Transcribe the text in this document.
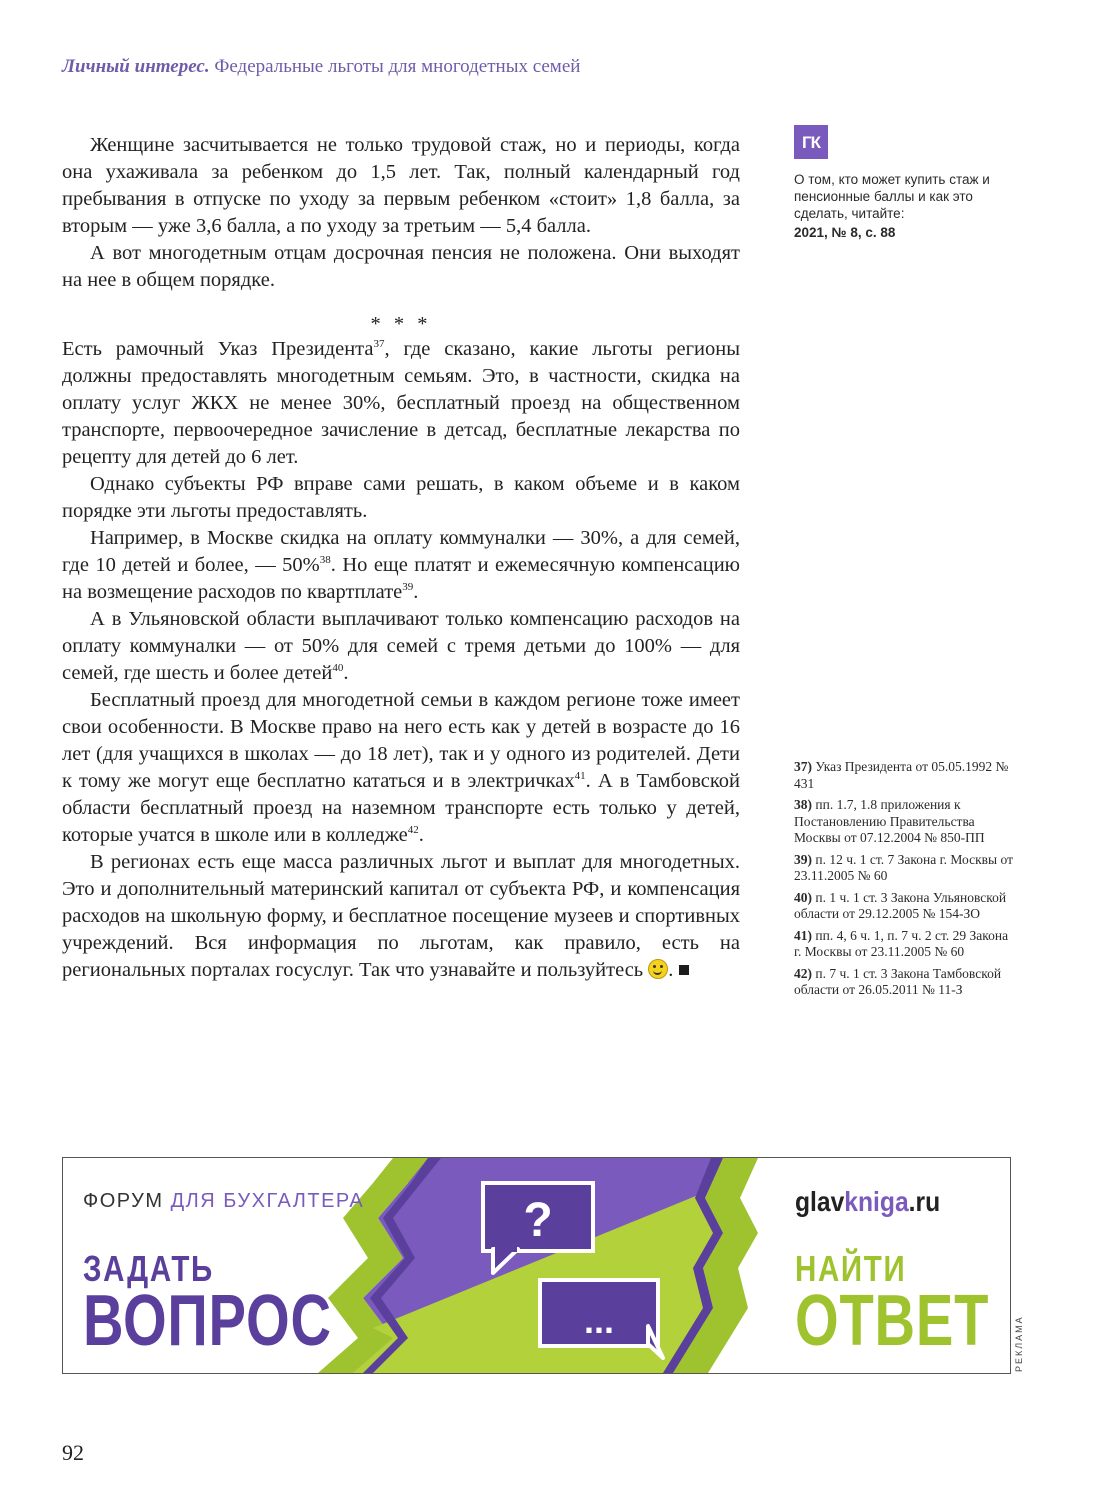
Личный интерес. Федеральные льготы для многодетных семей

Женщине засчитывается не только трудовой стаж, но и периоды, когда она ухаживала за ребенком до 1,5 лет. Так, полный календарный год пребывания в отпуске по уходу за первым ребенком «стоит» 1,8 балла, за вторым — уже 3,6 балла, а по уходу за третьим — 5,4 балла.

А вот многодетным отцам досрочная пенсия не положена. Они выходят на нее в общем порядке.

* * *

Есть рамочный Указ Президента$^{37}$, где сказано, какие льготы регионы должны предоставлять многодетным семьям. Это, в частности, скидка на оплату услуг ЖКХ не менее 30%, бесплатный проезд на общественном транспорте, первоочередное зачисление в детсад, бесплатные лекарства по рецепту для детей до 6 лет.

Однако субъекты РФ вправе сами решать, в каком объеме и в каком порядке эти льготы предоставлять.

Например, в Москве скидка на оплату коммуналки — 30%, а для семей, где 10 детей и более, — 50%$^{38}$. Но еще платят и ежемесячную компенсацию на возмещение расходов по квартплате$^{39}$.

А в Ульяновской области выплачивают только компенсацию расходов на оплату коммуналки — от 50% для семей с тремя детьми до 100% — для семей, где шесть и более детей$^{40}$.

Бесплатный проезд для многодетной семьи в каждом регионе тоже имеет свои особенности. В Москве право на него есть как у детей в возрасте до 16 лет (для учащихся в школах — до 18 лет), так и у одного из родителей. Дети к тому же могут еще бесплатно кататься и в электричках$^{41}$. А в Тамбовской области бесплатный проезд на наземном транспорте есть только у детей, которые учатся в школе или в колледже$^{42}$.

В регионах есть еще масса различных льгот и выплат для многодетных. Это и дополнительный материнский капитал от субъекта РФ, и компенсация расходов на школьную форму, и бесплатное посещение музеев и спортивных учреждений. Вся информация по льготам, как правило, есть на региональных порталах госуслуг. Так что узнавайте и пользуйтесь .

ГК
О том, кто может купить стаж и пенсионные баллы и как это сделать, читайте:
2021, № 8, с. 88
37) Указ Президента от 05.05.1992 № 431
38) пп. 1.7, 1.8 приложения к Постановлению Правительства Москвы от 07.12.2004 № 850-ПП
39) п. 12 ч. 1 ст. 7 Закона г. Москвы от 23.11.2005 № 60
40) п. 1 ч. 1 ст. 3 Закона Ульяновской области от 29.12.2005 № 154-ЗО
41) пп. 4, 6 ч. 1, п. 7 ч. 2 ст. 29 Закона г. Москвы от 23.11.2005 № 60
42) п. 7 ч. 1 ст. 3 Закона Тамбовской области от 26.05.2011 № 11-З
?
...
ФОРУМ ДЛЯ БУХГАЛТЕРА
ЗАДАТЬ
ВОПРОС
glavkniga.ru
НАЙТИ
ОТВЕТ	РЕКЛАМА
92
